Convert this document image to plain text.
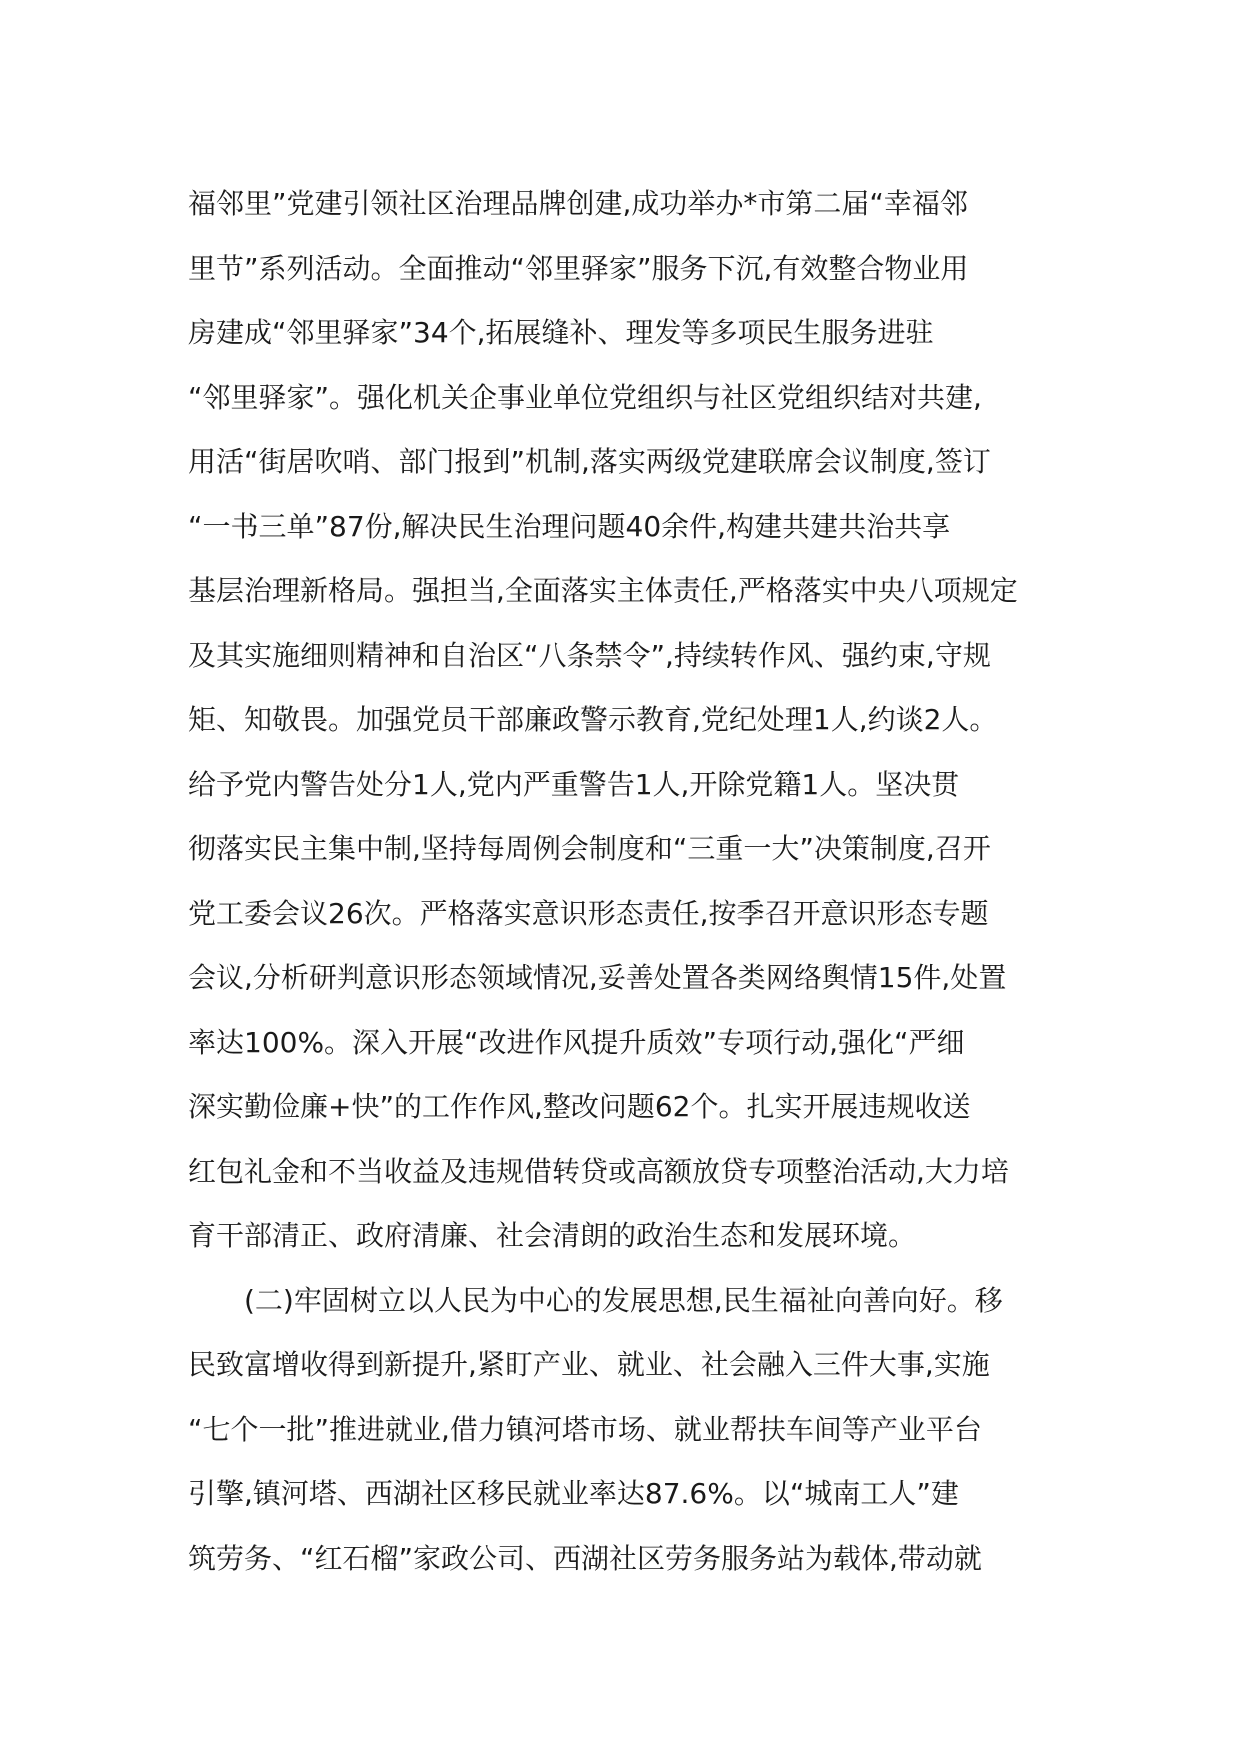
福邻里”党建引领社区治理品牌创建,成功举办*市第二届“幸福邻
里节”系列活动。全面推动“邻里驿家”服务下沉,有效整合物业用
房建成“邻里驿家”34个,拓展缝补、理发等多项民生服务进驻
“邻里驿家”。强化机关企事业单位党组织与社区党组织结对共建,
用活“街居吹哨、部门报到”机制,落实两级党建联席会议制度,签订
“一书三单”87份,解决民生治理问题40余件,构建共建共治共享
基层治理新格局。强担当,全面落实主体责任,严格落实中央八项规定
及其实施细则精神和自治区“八条禁令”,持续转作风、强约束,守规
矩、知敬畏。加强党员干部廉政警示教育,党纪处理1人,约谈2人。
给予党内警告处分1人,党内严重警告1人,开除党籍1人。坚决贯
彻落实民主集中制,坚持每周例会制度和“三重一大”决策制度,召开
党工委会议26次。严格落实意识形态责任,按季召开意识形态专题
会议,分析研判意识形态领域情况,妥善处置各类网络舆情15件,处置
率达100%。深入开展“改进作风提升质效”专项行动,强化“严细
深实勤俭廉+快”的工作作风,整改问题62个。扎实开展违规收送
红包礼金和不当收益及违规借转贷或高额放贷专项整治活动,大力培
育干部清正、政府清廉、社会清朗的政治生态和发展环境。
(二)牢固树立以人民为中心的发展思想,民生福祉向善向好。移
民致富增收得到新提升,紧盯产业、就业、社会融入三件大事,实施
“七个一批”推进就业,借力镇河塔市场、就业帮扶车间等产业平台
引擎,镇河塔、西湖社区移民就业率达87.6%。以“城南工人”建
筑劳务、“红石榴”家政公司、西湖社区劳务服务站为载体,带动就
